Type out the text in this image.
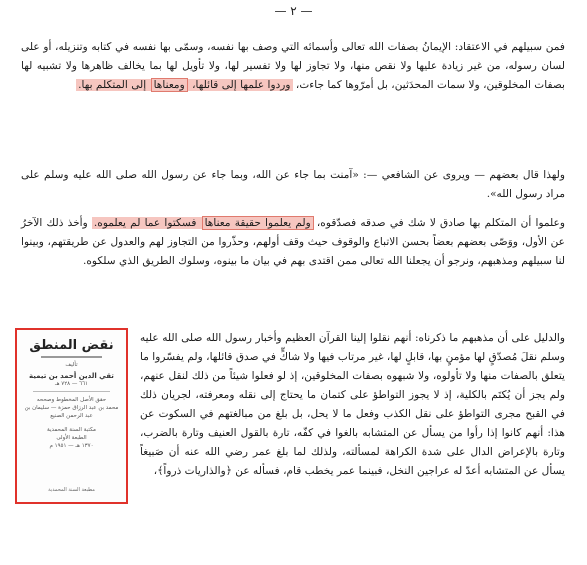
— ٢ —

فمن سبيلهم في الاعتقاد: الإيمانُ بصفات الله تعالى وأسمائه التي وصف بها نفسه، وسمّى بها نفسه في كتابه وتنزيله، أو على لسان رسوله، من غير زيادة عليها ولا نقص منها، ولا تجاوز لها ولا تفسير لها، ولا تأويل لها بما يخالف ظاهرها ولا تشبيه لها بصفات المخلوقين، ولا سمات المحدَثين، بل أمرّوها كما جاءت، وردوا علمها إلى قائلها، ومعناها إلى المتكلم بها.

ولهذا قال بعضهم — ويروى عن الشافعي —: «آمنت بما جاء عن الله، وبما جاء عن رسول الله صلى الله عليه وسلم على مراد رسول الله».

وعلموا أن المتكلم بها صادق لا شك في صدقه فصدّقوه، ولم يعلموا حقيقة معناها فسكتوا عما لم يعلموه. وأخذ ذلك الآخرُ عن الأول، ووَصّى بعضهم بعضاً بحسن الاتباع والوقوف حيث وقف أولهم، وحذّروا من التجاوز لهم والعدول عن طريقتهم، وبينوا لنا سبيلهم ومذهبهم، ونرجو أن يجعلنا الله تعالى ممن اقتدى بهم في بيان ما بينوه، وسلوك الطريق الذي سلكوه.

والدليل على أن مذهبهم ما ذكرناه: أنهم نقلوا إلينا القرآن العظيم وأخبار رسول الله صلى الله عليه وسلم نقلَ مُصدّقٍ لها مؤمنٍ بها، قابلٍ لها، غير مرتاب فيها ولا شاكٍّ في صدق قائلها، ولم يفسّروا ما يتعلق بالصفات منها ولا تأولوه، ولا شبهوه بصفات المخلوقين، إذ لو فعلوا شيئاً من ذلك لنقل عنهم، ولم يجز أن يُكتَم بالكلية، إذ لا يجوز التواطؤ على كتمان ما يحتاج إلى نقله ومعرفته، لجريان ذلك في القبح مجرى التواطؤ على نقل الكذب وفعل ما لا يحل، بل بلغ من مبالغتهم في السكوت عن هذا: أنهم كانوا إذا رأوا من يسأل عن المتشابه بالغوا في كفّه، تارة بالقول العنيف وتارة بالضرب، وتارة بالإعراض الدال على شدة الكراهة لمسألته، ولذلك لما بلغ عمر رضي الله عنه أن صَبيغاً يسأل عن المتشابه أعدّ له عراجين النخل، فبينما عمر يخطب قام، فسأله عن ﴿والذاريات ذرواً﴾،

نقض المنطق
تأليف
تقي الدين أحمد بن تيمية
٦٦١ — ٧٢٨ هـ
حقق الأصل المخطوط وصححه
محمد بن عبد الرزاق حمزة — سليمان بن عبد الرحمن الصنيع
مكتبة السنة المحمدية
الطبعة الأولى
١٣٧٠ هـ — ١٩٥١ م
مطبعة السنة المحمدية
